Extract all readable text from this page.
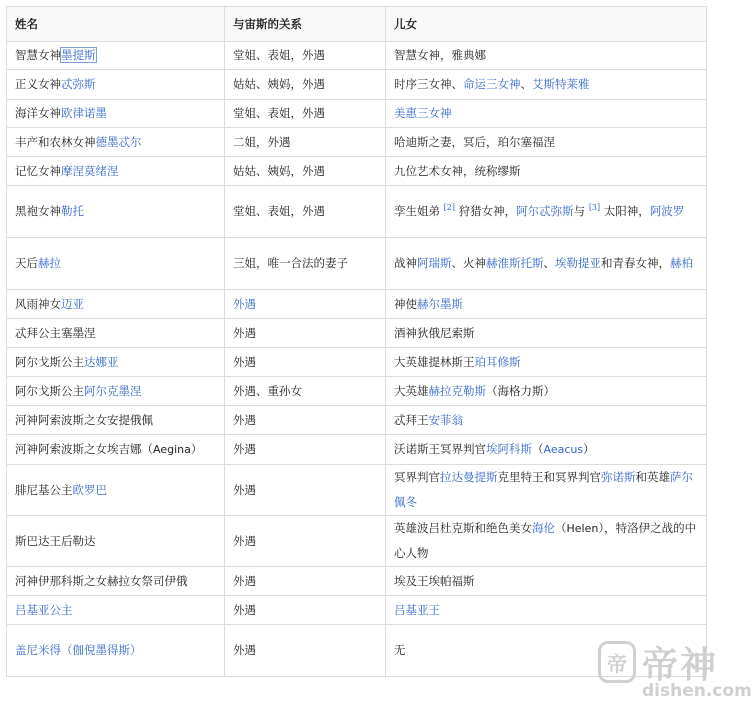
姓名	与宙斯的关系	儿女
智慧女神墨提斯	堂姐、表姐，外遇	智慧女神，雅典娜
正义女神忒弥斯	姑姑、姨妈，外遇	时序三女神、命运三女神、艾斯特莱雅
海洋女神欧律诺墨	堂姐、表姐，外遇	美惠三女神
丰产和农林女神德墨忒尔	二姐，外遇	哈迪斯之妻，冥后，珀尔塞福涅
记忆女神摩涅莫绪涅	姑姑、姨妈，外遇	九位艺术女神，统称缪斯
黑袍女神勒托	堂姐、表姐，外遇	孪生姐弟 [2] 狩猎女神，阿尔忒弥斯与 [3] 太阳神，阿波罗
天后赫拉	三姐，唯一合法的妻子	战神阿瑞斯、火神赫淮斯托斯、埃勒提亚和青春女神，赫柏
风雨神女迈亚	外遇	神使赫尔墨斯
忒拜公主塞墨涅	外遇	酒神狄俄尼索斯
阿尔戈斯公主达娜亚	外遇	大英雄提林斯王珀耳修斯
阿尔戈斯公主阿尔克墨涅	外遇、重孙女	大英雄赫拉克勒斯（海格力斯）
河神阿索波斯之女安提俄佩	外遇	忒拜王安菲翁
河神阿索波斯之女埃吉娜（Aegina）	外遇	沃诺斯王冥界判官埃阿科斯（Aeacus）
腓尼基公主欧罗巴	外遇	冥界判官拉达曼提斯克里特王和冥界判官弥诺斯和英雄萨尔佩冬
斯巴达王后勒达	外遇	英雄波吕杜克斯和绝色美女海伦（Helen），特洛伊之战的中心人物
河神伊那科斯之女赫拉女祭司伊俄	外遇	埃及王埃帕福斯
吕基亚公主	外遇	吕基亚王
盖尼米得（伽倪墨得斯）	外遇	无
帝 帝神
dishen.com
